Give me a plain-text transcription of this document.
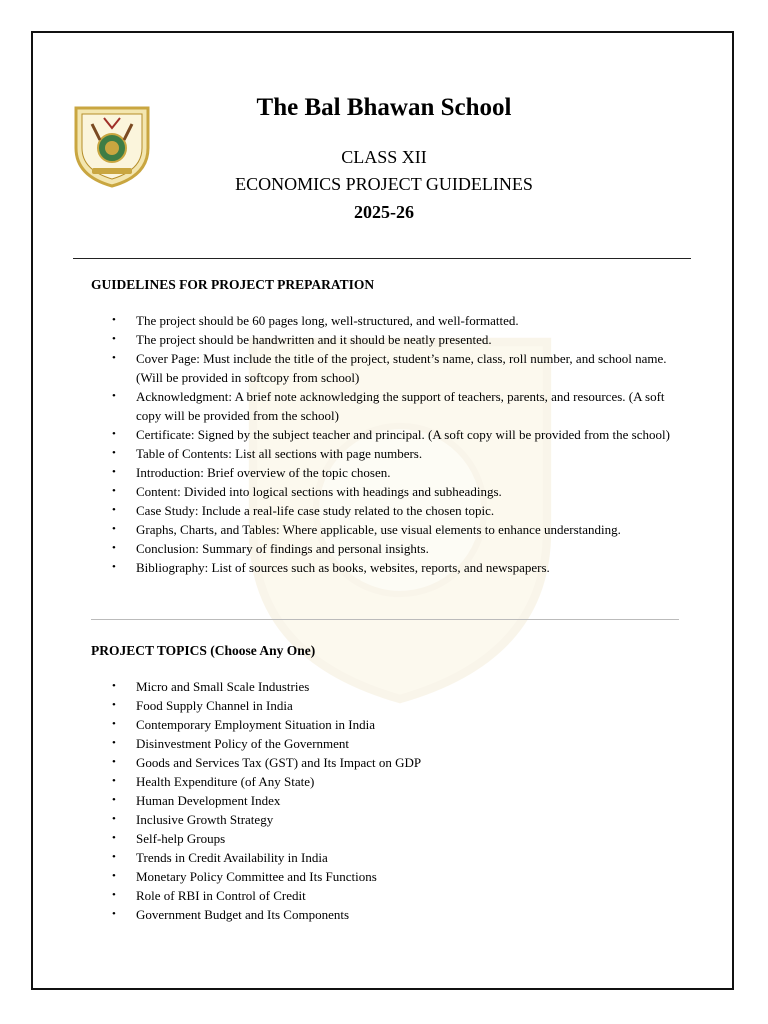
The Bal Bhawan School
CLASS XII
ECONOMICS PROJECT GUIDELINES
2025-26
GUIDELINES FOR PROJECT PREPARATION
• The project should be 60 pages long, well-structured, and well-formatted.
• The project should be handwritten and it should be neatly presented.
• Cover Page: Must include the title of the project, student’s name, class, roll number, and school name. (Will be provided in softcopy from school)
• Acknowledgment: A brief note acknowledging the support of teachers, parents, and resources. (A soft copy will be provided from the school)
• Certificate: Signed by the subject teacher and principal. (A soft copy will be provided from the school)
• Table of Contents: List all sections with page numbers.
• Introduction: Brief overview of the topic chosen.
• Content: Divided into logical sections with headings and subheadings.
• Case Study: Include a real-life case study related to the chosen topic.
• Graphs, Charts, and Tables: Where applicable, use visual elements to enhance understanding.
• Conclusion: Summary of findings and personal insights.
• Bibliography: List of sources such as books, websites, reports, and newspapers.
PROJECT TOPICS (Choose Any One)
• Micro and Small Scale Industries
• Food Supply Channel in India
• Contemporary Employment Situation in India
• Disinvestment Policy of the Government
• Goods and Services Tax (GST) and Its Impact on GDP
• Health Expenditure (of Any State)
• Human Development Index
• Inclusive Growth Strategy
• Self-help Groups
• Trends in Credit Availability in India
• Monetary Policy Committee and Its Functions
• Role of RBI in Control of Credit
• Government Budget and Its Components
